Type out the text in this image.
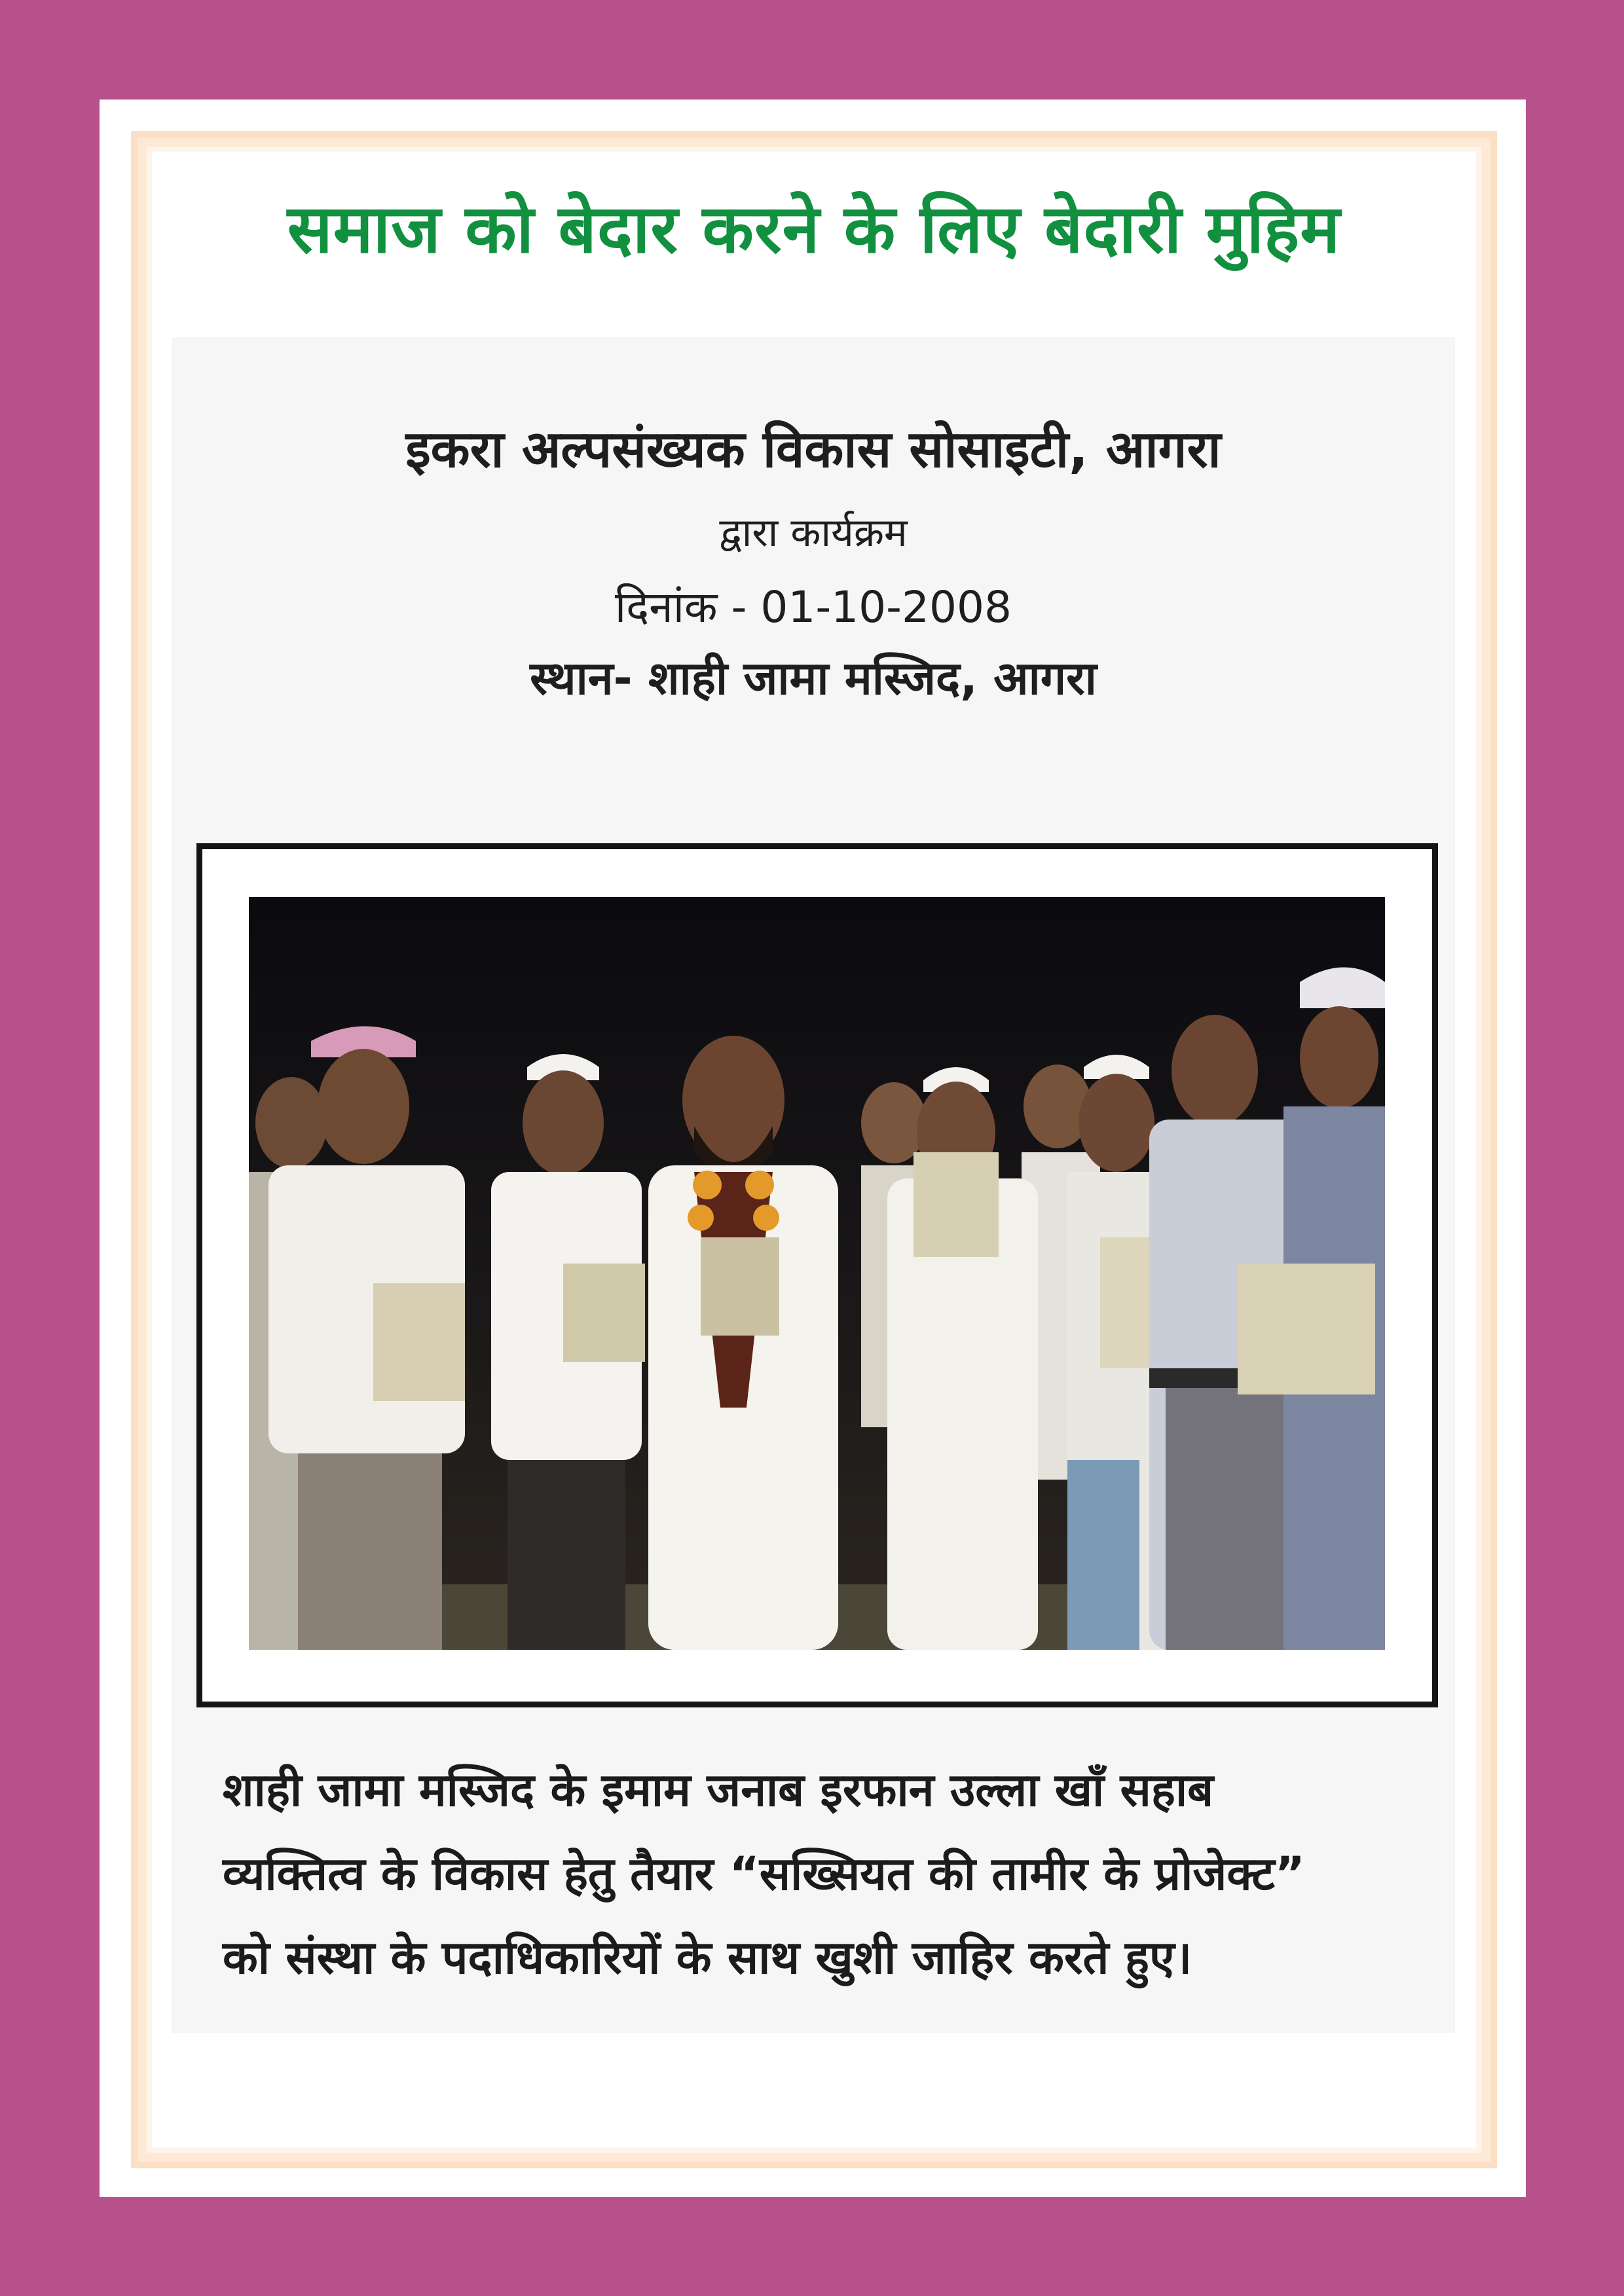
समाज को बेदार करने के लिए बेदारी मुहिम
इकरा अल्पसंख्यक विकास सोसाइटी, आगरा
द्वारा कार्यक्रम
दिनांक - 01-10-2008
स्थान- शाही जामा मस्जिद, आगरा
शाही जामा मस्जिद के इमाम जनाब इरफान उल्ला खाँ सहाब
व्यक्तित्व के विकास हेतु तैयार “सख्सियत की तामीर के प्रोजेक्ट”
को संस्था के पदाधिकारियों के साथ खुशी जाहिर करते हुए।
